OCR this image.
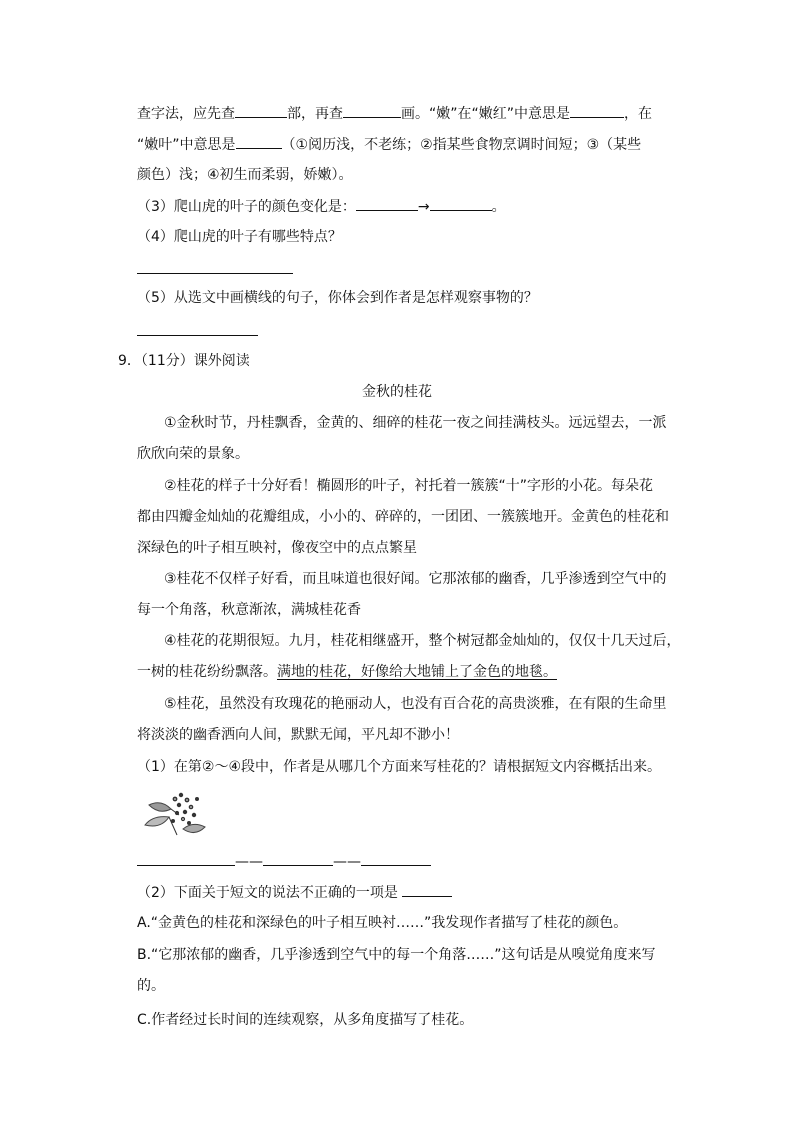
查字法，应先查	部，再查	画。“嫩”在“嫩红”中意思是	，在
“嫩叶”中意思是	（①阅历浅，不老练；②指某些食物烹调时间短；③（某些
颜色）浅；④初生而柔弱，娇嫩）。
（3）爬山虎的叶子的颜色变化是：	→	。
（4）爬山虎的叶子有哪些特点？
（5）从选文中画横线的句子，你体会到作者是怎样观察事物的？
9．（11分）课外阅读
金秋的桂花
①金秋时节，丹桂飘香，金黄的、细碎的桂花一夜之间挂满枝头。远远望去，一派
欣欣向荣的景象。
②桂花的样子十分好看！椭圆形的叶子，衬托着一簇簇“十”字形的小花。每朵花
都由四瓣金灿灿的花瓣组成，小小的、碎碎的，一团团、一簇簇地开。金黄色的桂花和
深绿色的叶子相互映衬，像夜空中的点点繁星
③桂花不仅样子好看，而且味道也很好闻。它那浓郁的幽香，几乎渗透到空气中的
每一个角落，秋意渐浓，满城桂花香
④桂花的花期很短。九月，桂花相继盛开，整个树冠都金灿灿的，仅仅十几天过后，
一树的桂花纷纷飘落。满地的桂花，好像给大地铺上了金色的地毯。
⑤桂花，虽然没有玫瑰花的艳丽动人，也没有百合花的高贵淡雅，在有限的生命里
将淡淡的幽香洒向人间，默默无闻，平凡却不渺小！
（1）在第②～④段中，作者是从哪几个方面来写桂花的？请根据短文内容概括出来。
——	——
（2）下面关于短文的说法不正确的一项是
A.“金黄色的桂花和深绿色的叶子相互映衬……”我发现作者描写了桂花的颜色。
B.“它那浓郁的幽香，几乎渗透到空气中的每一个角落……”这句话是从嗅觉角度来写
的。
C.作者经过长时间的连续观察，从多角度描写了桂花。
